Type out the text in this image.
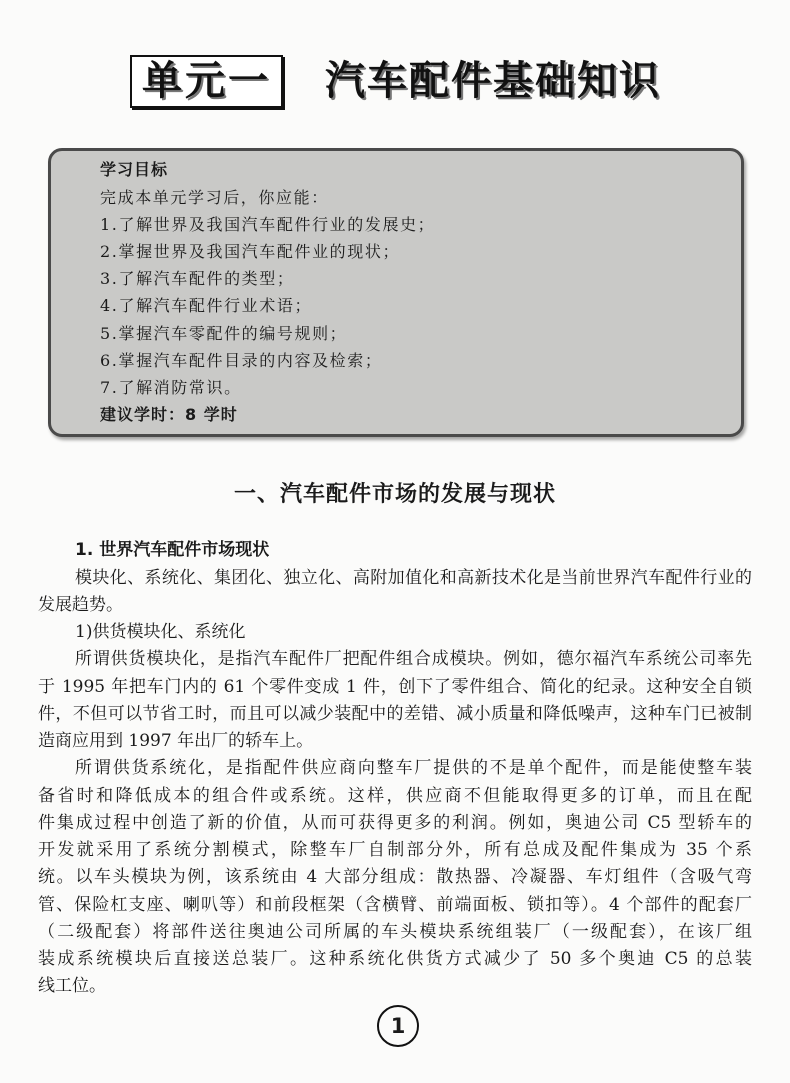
单元一	汽车配件基础知识
学习目标
完成本单元学习后，你应能：
1.了解世界及我国汽车配件行业的发展史；
2.掌握世界及我国汽车配件业的现状；
3.了解汽车配件的类型；
4.了解汽车配件行业术语；
5.掌握汽车零配件的编号规则；
6.掌握汽车配件目录的内容及检索；
7.了解消防常识。
建议学时：8 学时
一、汽车配件市场的发展与现状
1. 世界汽车配件市场现状
模块化、系统化、集团化、独立化、高附加值化和高新技术化是当前世界汽车配件行业的
发展趋势。
1)供货模块化、系统化
所谓供货模块化，是指汽车配件厂把配件组合成模块。例如，德尔福汽车系统公司率先
于 1995 年把车门内的 61 个零件变成 1 件，创下了零件组合、简化的纪录。这种安全自锁
件，不但可以节省工时，而且可以减少装配中的差错、减小质量和降低噪声，这种车门已被制
造商应用到 1997 年出厂的轿车上。
所谓供货系统化，是指配件供应商向整车厂提供的不是单个配件，而是能使整车装
备省时和降低成本的组合件或系统。这样，供应商不但能取得更多的订单，而且在配
件集成过程中创造了新的价值，从而可获得更多的利润。例如，奥迪公司 C5 型轿车的
开发就采用了系统分割模式，除整车厂自制部分外，所有总成及配件集成为 35 个系
统。以车头模块为例，该系统由 4 大部分组成：散热器、冷凝器、车灯组件（含吸气弯
管、保险杠支座、喇叭等）和前段框架（含横臂、前端面板、锁扣等）。4 个部件的配套厂
（二级配套）将部件送往奥迪公司所属的车头模块系统组装厂（一级配套），在该厂组
装成系统模块后直接送总装厂。这种系统化供货方式减少了 50 多个奥迪 C5 的总装
线工位。
1
